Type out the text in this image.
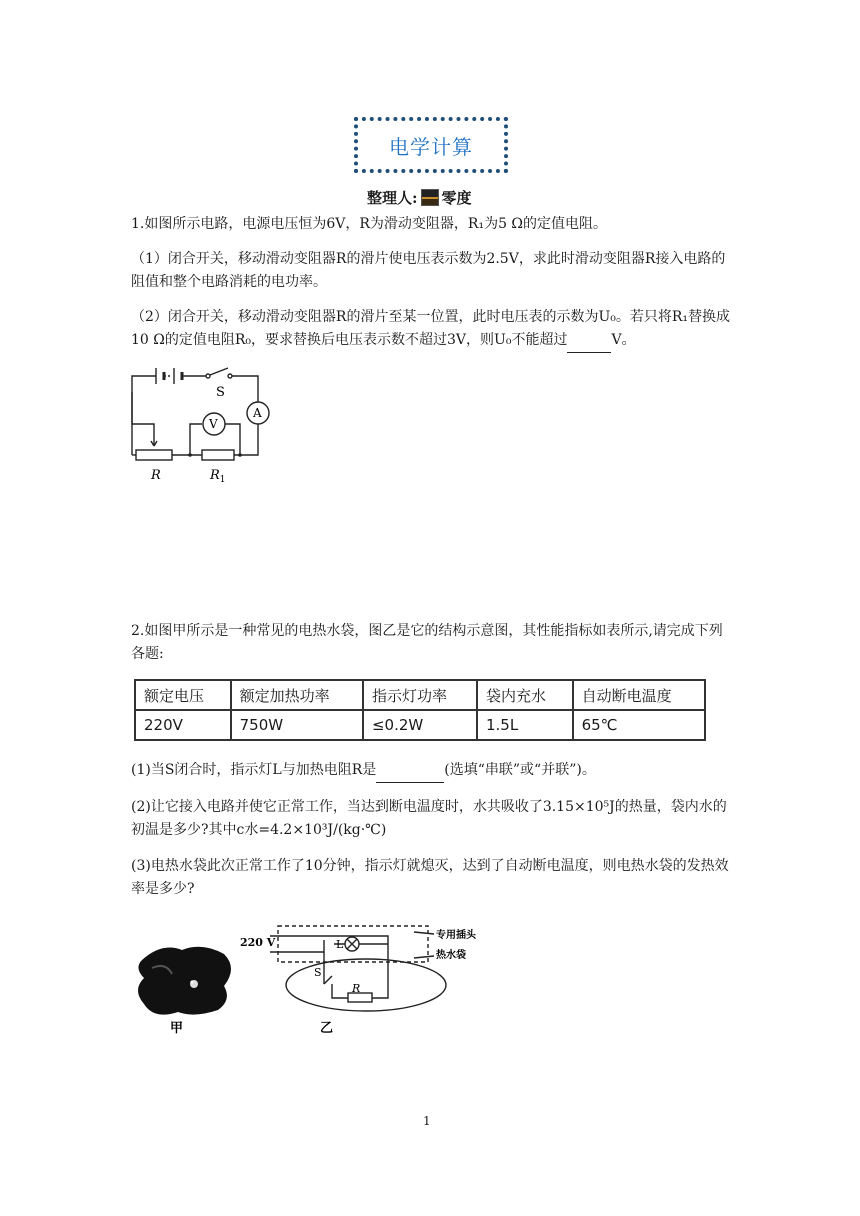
电学计算
整理人: 零度

1.如图所示电路，电源电压恒为6V，R为滑动变阻器，R₁为5 Ω的定值电阻。

（1）闭合开关，移动滑动变阻器R的滑片使电压表示数为2.5V，求此时滑动变阻器R接入电路的阻值和整个电路消耗的电功率。

（2）闭合开关，移动滑动变阻器R的滑片至某一位置，此时电压表的示数为U₀。若只将R₁替换成10 Ω的定值电阻R₀，要求替换后电压表示数不超过3V，则U₀不能超过	V。

S
A
V
R	$R_1$

2.如图甲所示是一种常见的电热水袋，图乙是它的结构示意图，其性能指标如表所示,请完成下列各题:

额定电压	额定加热功率	指示灯功率	袋内充水	自动断电温度
220V	750W	≤0.2W	1.5L	65℃

(1)当S闭合时，指示灯L与加热电阻R是	(选填“串联”或“并联”)。

(2)让它接入电路并使它正常工作，当达到断电温度时，水共吸收了3.15×10⁵J的热量，袋内水的初温是多少?其中c水=4.2×10³J/(kg·℃)

(3)电热水袋此次正常工作了10分钟，指示灯就熄灭，达到了自动断电温度，则电热水袋的发热效率是多少?

甲
220 V	L
S
R
专用插头
热水袋
乙
1
